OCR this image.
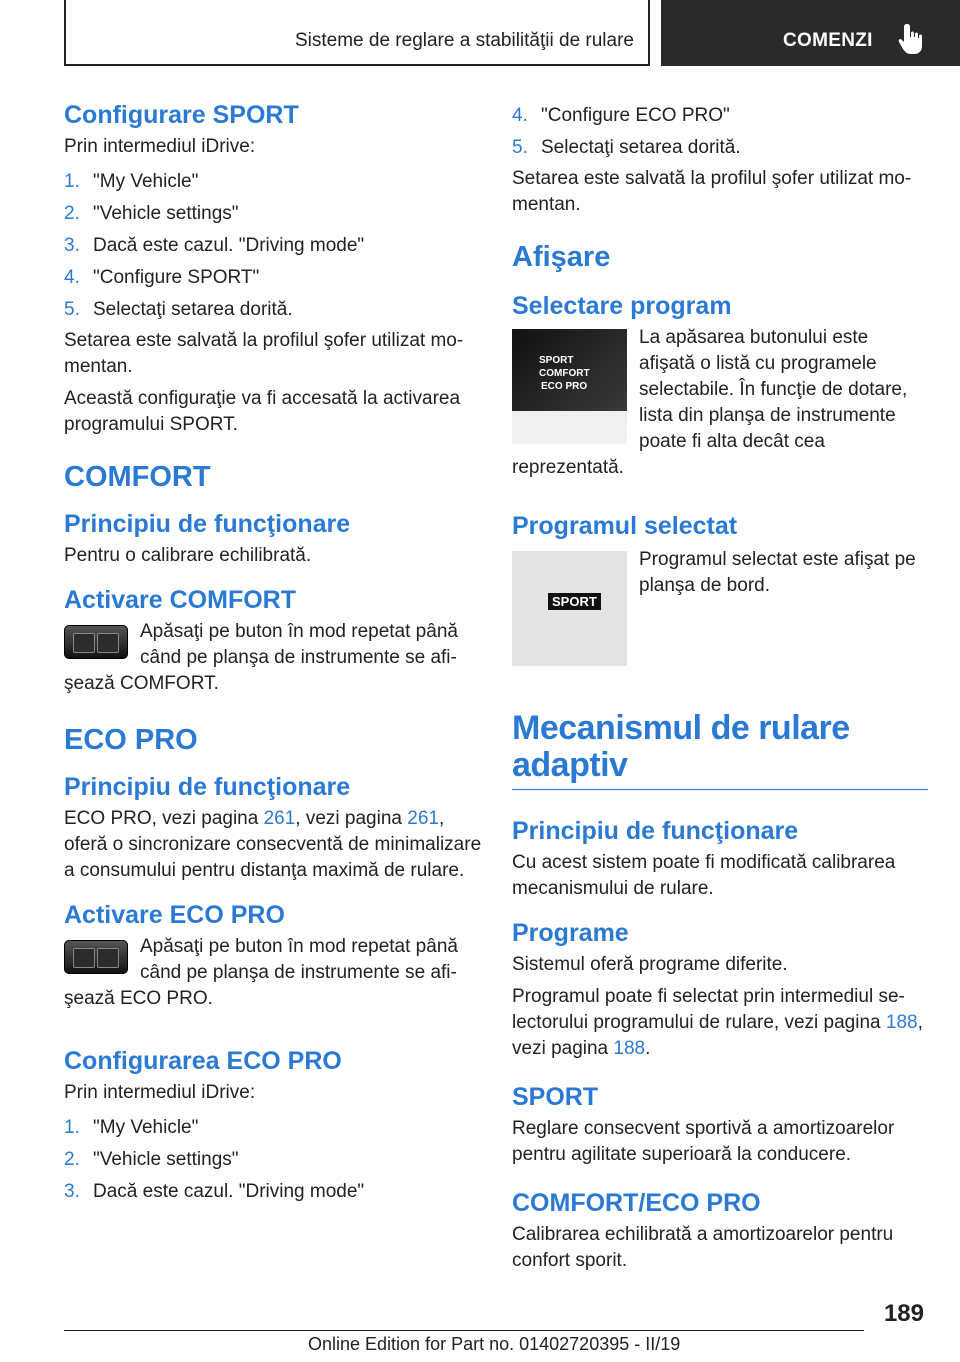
Sisteme de reglare a stabilităţii de rulare	COMENZI
Configurare SPORT

Prin intermediul iDrive:

1. "My Vehicle"
2. "Vehicle settings"
3. Dacă este cazul. "Driving mode"
4. "Configure SPORT"
5. Selectaţi setarea dorită.

Setarea este salvată la profilul şofer utilizat mo-mentan.

Această configuraţie va fi accesată la activarea programului SPORT.

COMFORT
Principiu de funcţionare

Pentru o calibrare echilibrată.

Activare COMFORT

Apăsaţi pe buton în mod repetat până când pe planşa de instrumente se afi-şează COMFORT.

ECO PRO
Principiu de funcţionare

ECO PRO, vezi pagina 261, vezi pagina 261, oferă o sincronizare consecventă de minimalizare a consumului pentru distanţa maximă de rulare.

Activare ECO PRO

Apăsaţi pe buton în mod repetat până când pe planşa de instrumente se afi-şează ECO PRO.

Configurarea ECO PRO

Prin intermediul iDrive:

1. "My Vehicle"
2. "Vehicle settings"
3. Dacă este cazul. "Driving mode"
4. "Configure ECO PRO"
5. Selectaţi setarea dorită.

Setarea este salvată la profilul şofer utilizat mo-mentan.

Afişare
Selectare program
SPORT
COMFORT
ECO PRO

La apăsarea butonului este afişată o listă cu programele selectabile. În funcţie de dotare, lista din planşa de instrumente poate fi alta decât cea reprezentată.

Programul selectat
SPORT

Programul selectat este afişat pe planşa de bord.

Mecanismul de rulare adaptiv
Principiu de funcţionare

Cu acest sistem poate fi modificată calibrarea mecanismului de rulare.

Programe

Sistemul oferă programe diferite.

Programul poate fi selectat prin intermediul se-lectorului programului de rulare, vezi pagina 188, vezi pagina 188.

SPORT

Reglare consecvent sportivă a amortizoarelor pentru agilitate superioară la conducere.

COMFORT/ECO PRO

Calibrarea echilibrată a amortizoarelor pentru confort sporit.

189
Online Edition for Part no. 01402720395 - II/19
